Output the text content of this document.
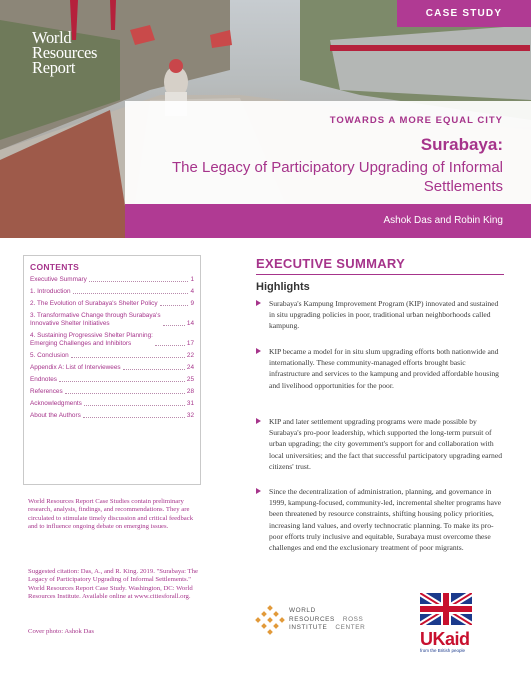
World
Resources
Report
CASE STUDY
TOWARDS A MORE EQUAL CITY
Surabaya:
The Legacy of Participatory Upgrading of Informal Settlements
Ashok Das and Robin King
CONTENTS
Executive Summary	1
1. Introduction	4
2. The Evolution of Surabaya's Shelter Policy	9
3. Transformative Change through Surabaya's
Innovative Shelter Initiatives	14
4. Sustaining Progressive Shelter Planning:
Emerging Challenges and Inhibitors	17
5. Conclusion	22
Appendix A: List of Interviewees	24
Endnotes	25
References	28
Acknowledgments	31
About the Authors	32
World Resources Report Case Studies contain preliminary research, analysis, findings, and recommendations. They are circulated to stimulate timely discussion and critical feedback and to influence ongoing debate on emerging issues.
Suggested citation: Das, A., and R. King. 2019. "Surabaya: The Legacy of Participatory Upgrading of Informal Settlements." World Resources Report Case Study. Washington, DC: World Resources Institute. Available online at www.citiesforall.org.
Cover photo: Ashok Das
EXECUTIVE SUMMARY
Highlights
Surabaya's Kampung Improvement Program (KIP) innovated and sustained in situ upgrading policies in poor, traditional urban neighborhoods called kampung.
KIP became a model for in situ slum upgrading efforts both nationwide and internationally. These community-managed efforts brought basic infrastructure and services to the kampung and provided affordable housing and livelihood opportunities for the poor.
KIP and later settlement upgrading programs were made possible by Surabaya's pro-poor leadership, which supported the long-term pursuit of urban upgrading; the city government's support for and collaboration with local universities; and the fact that successful participatory upgrading earned citizens' trust.
Since the decentralization of administration, planning, and governance in 1999, kampung-focused, community-led, incremental shelter programs have been threatened by resource constraints, shifting housing policy priorities, increasing land values, and overly technocratic planning. To make its pro-poor efforts truly inclusive and equitable, Surabaya must overcome these challenges and end the exclusionary treatment of poor migrants.
WORLD
RESOURCES ROSS
INSTITUTE CENTER
UKaid
from the British people
